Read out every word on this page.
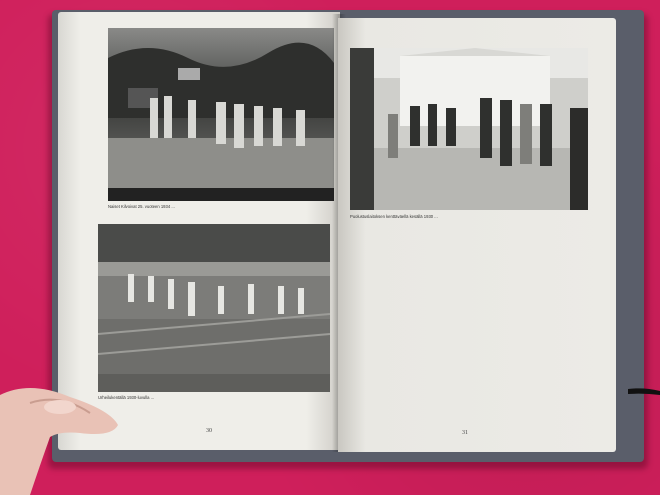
Naiset Kilvoivat 25. vuoteen 1934 ...
Urheilukentällä 1930-luvulla ...
30
Puolustuslaitoksen kenttäväellä kesällä 1930 ...
31
